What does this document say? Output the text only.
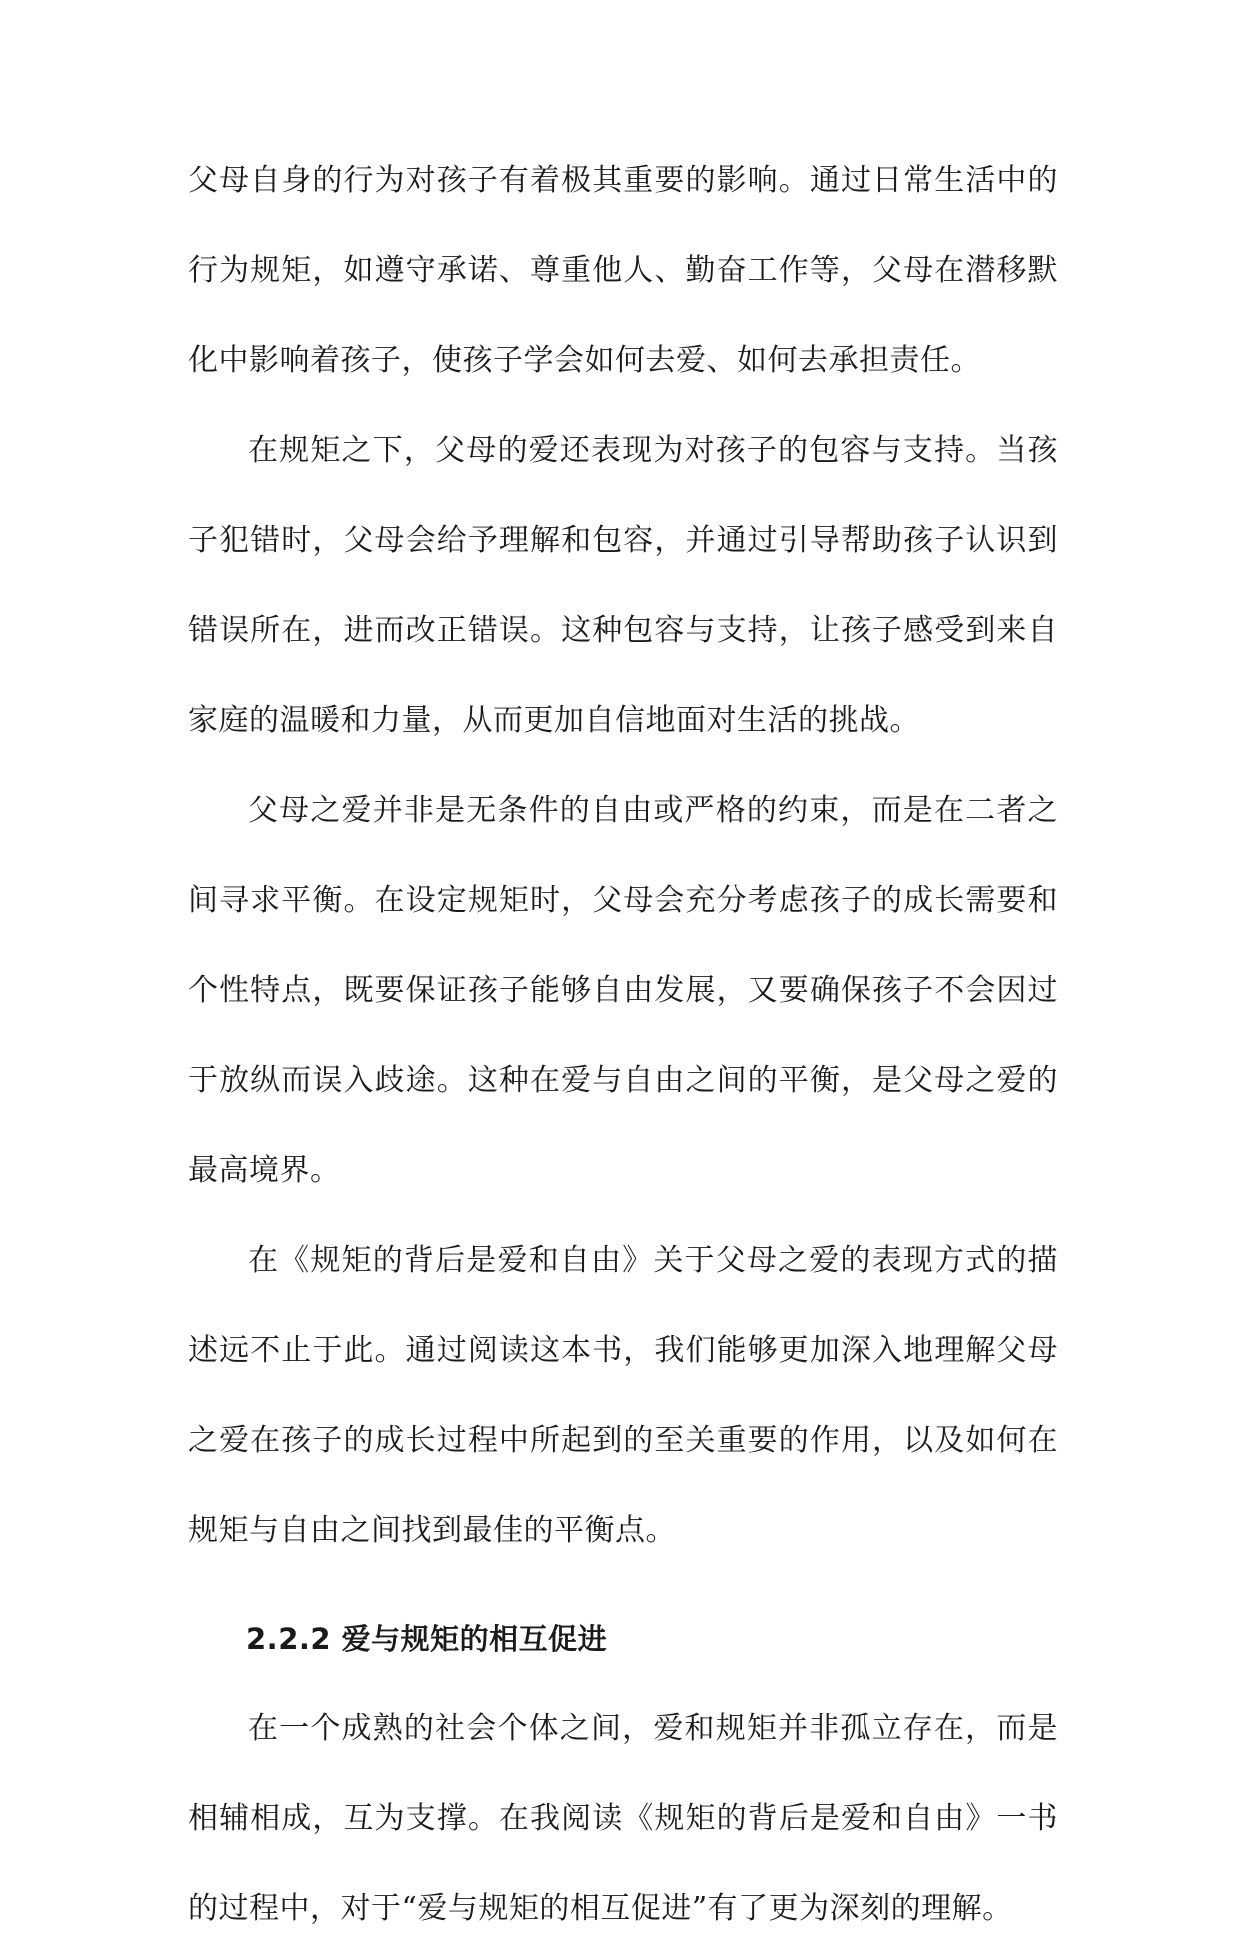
父母自身的行为对孩子有着极其重要的影响。通过日常生活中的行为规矩，如遵守承诺、尊重他人、勤奋工作等，父母在潜移默化中影响着孩子，使孩子学会如何去爱、如何去承担责任。

在规矩之下，父母的爱还表现为对孩子的包容与支持。当孩子犯错时，父母会给予理解和包容，并通过引导帮助孩子认识到错误所在，进而改正错误。这种包容与支持，让孩子感受到来自家庭的温暖和力量，从而更加自信地面对生活的挑战。

父母之爱并非是无条件的自由或严格的约束，而是在二者之间寻求平衡。在设定规矩时，父母会充分考虑孩子的成长需要和个性特点，既要保证孩子能够自由发展，又要确保孩子不会因过于放纵而误入歧途。这种在爱与自由之间的平衡，是父母之爱的最高境界。

在《规矩的背后是爱和自由》关于父母之爱的表现方式的描述远不止于此。通过阅读这本书，我们能够更加深入地理解父母之爱在孩子的成长过程中所起到的至关重要的作用，以及如何在规矩与自由之间找到最佳的平衡点。

2.2.2 爱与规矩的相互促进

在一个成熟的社会个体之间，爱和规矩并非孤立存在，而是相辅相成，互为支撑。在我阅读《规矩的背后是爱和自由》一书的过程中，对于“爱与规矩的相互促进”有了更为深刻的理解。
